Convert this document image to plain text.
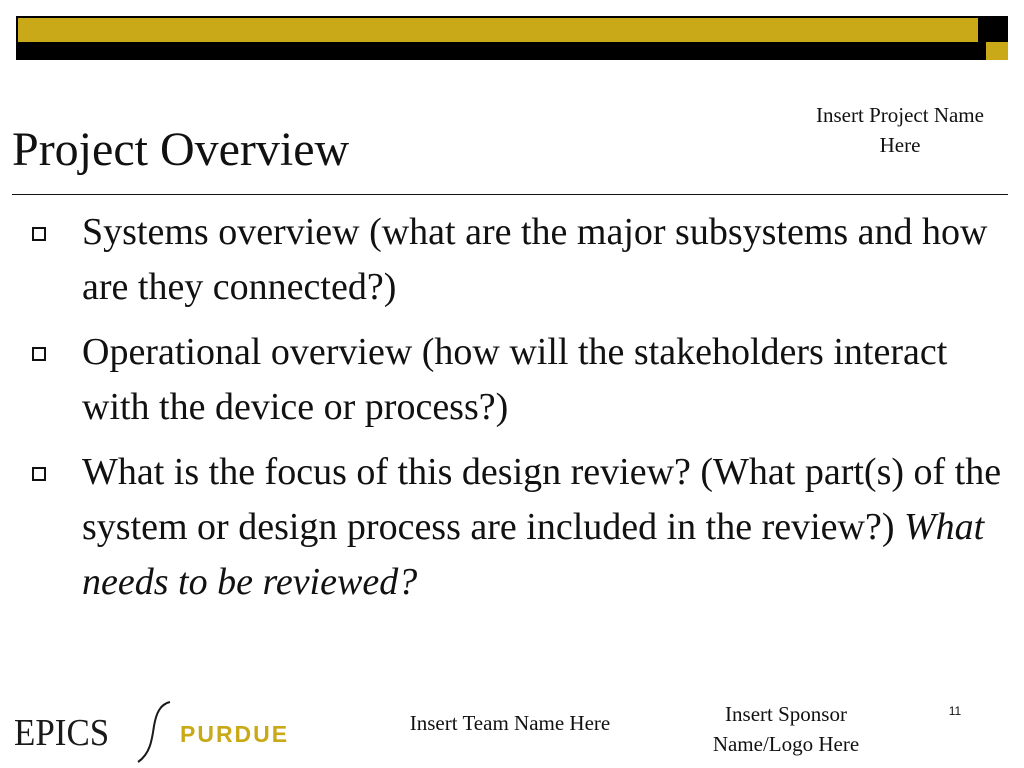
Project Overview
Insert Project Name Here
Systems overview (what are the major subsystems and how are they connected?)
Operational overview (how will the stakeholders interact with the device or process?)
What is the focus of this design review? (What part(s) of the system or design process are included in the review?) What needs to be reviewed?
EPICS	PURDUE	Insert Team Name Here	Insert Sponsor Name/Logo Here
11
